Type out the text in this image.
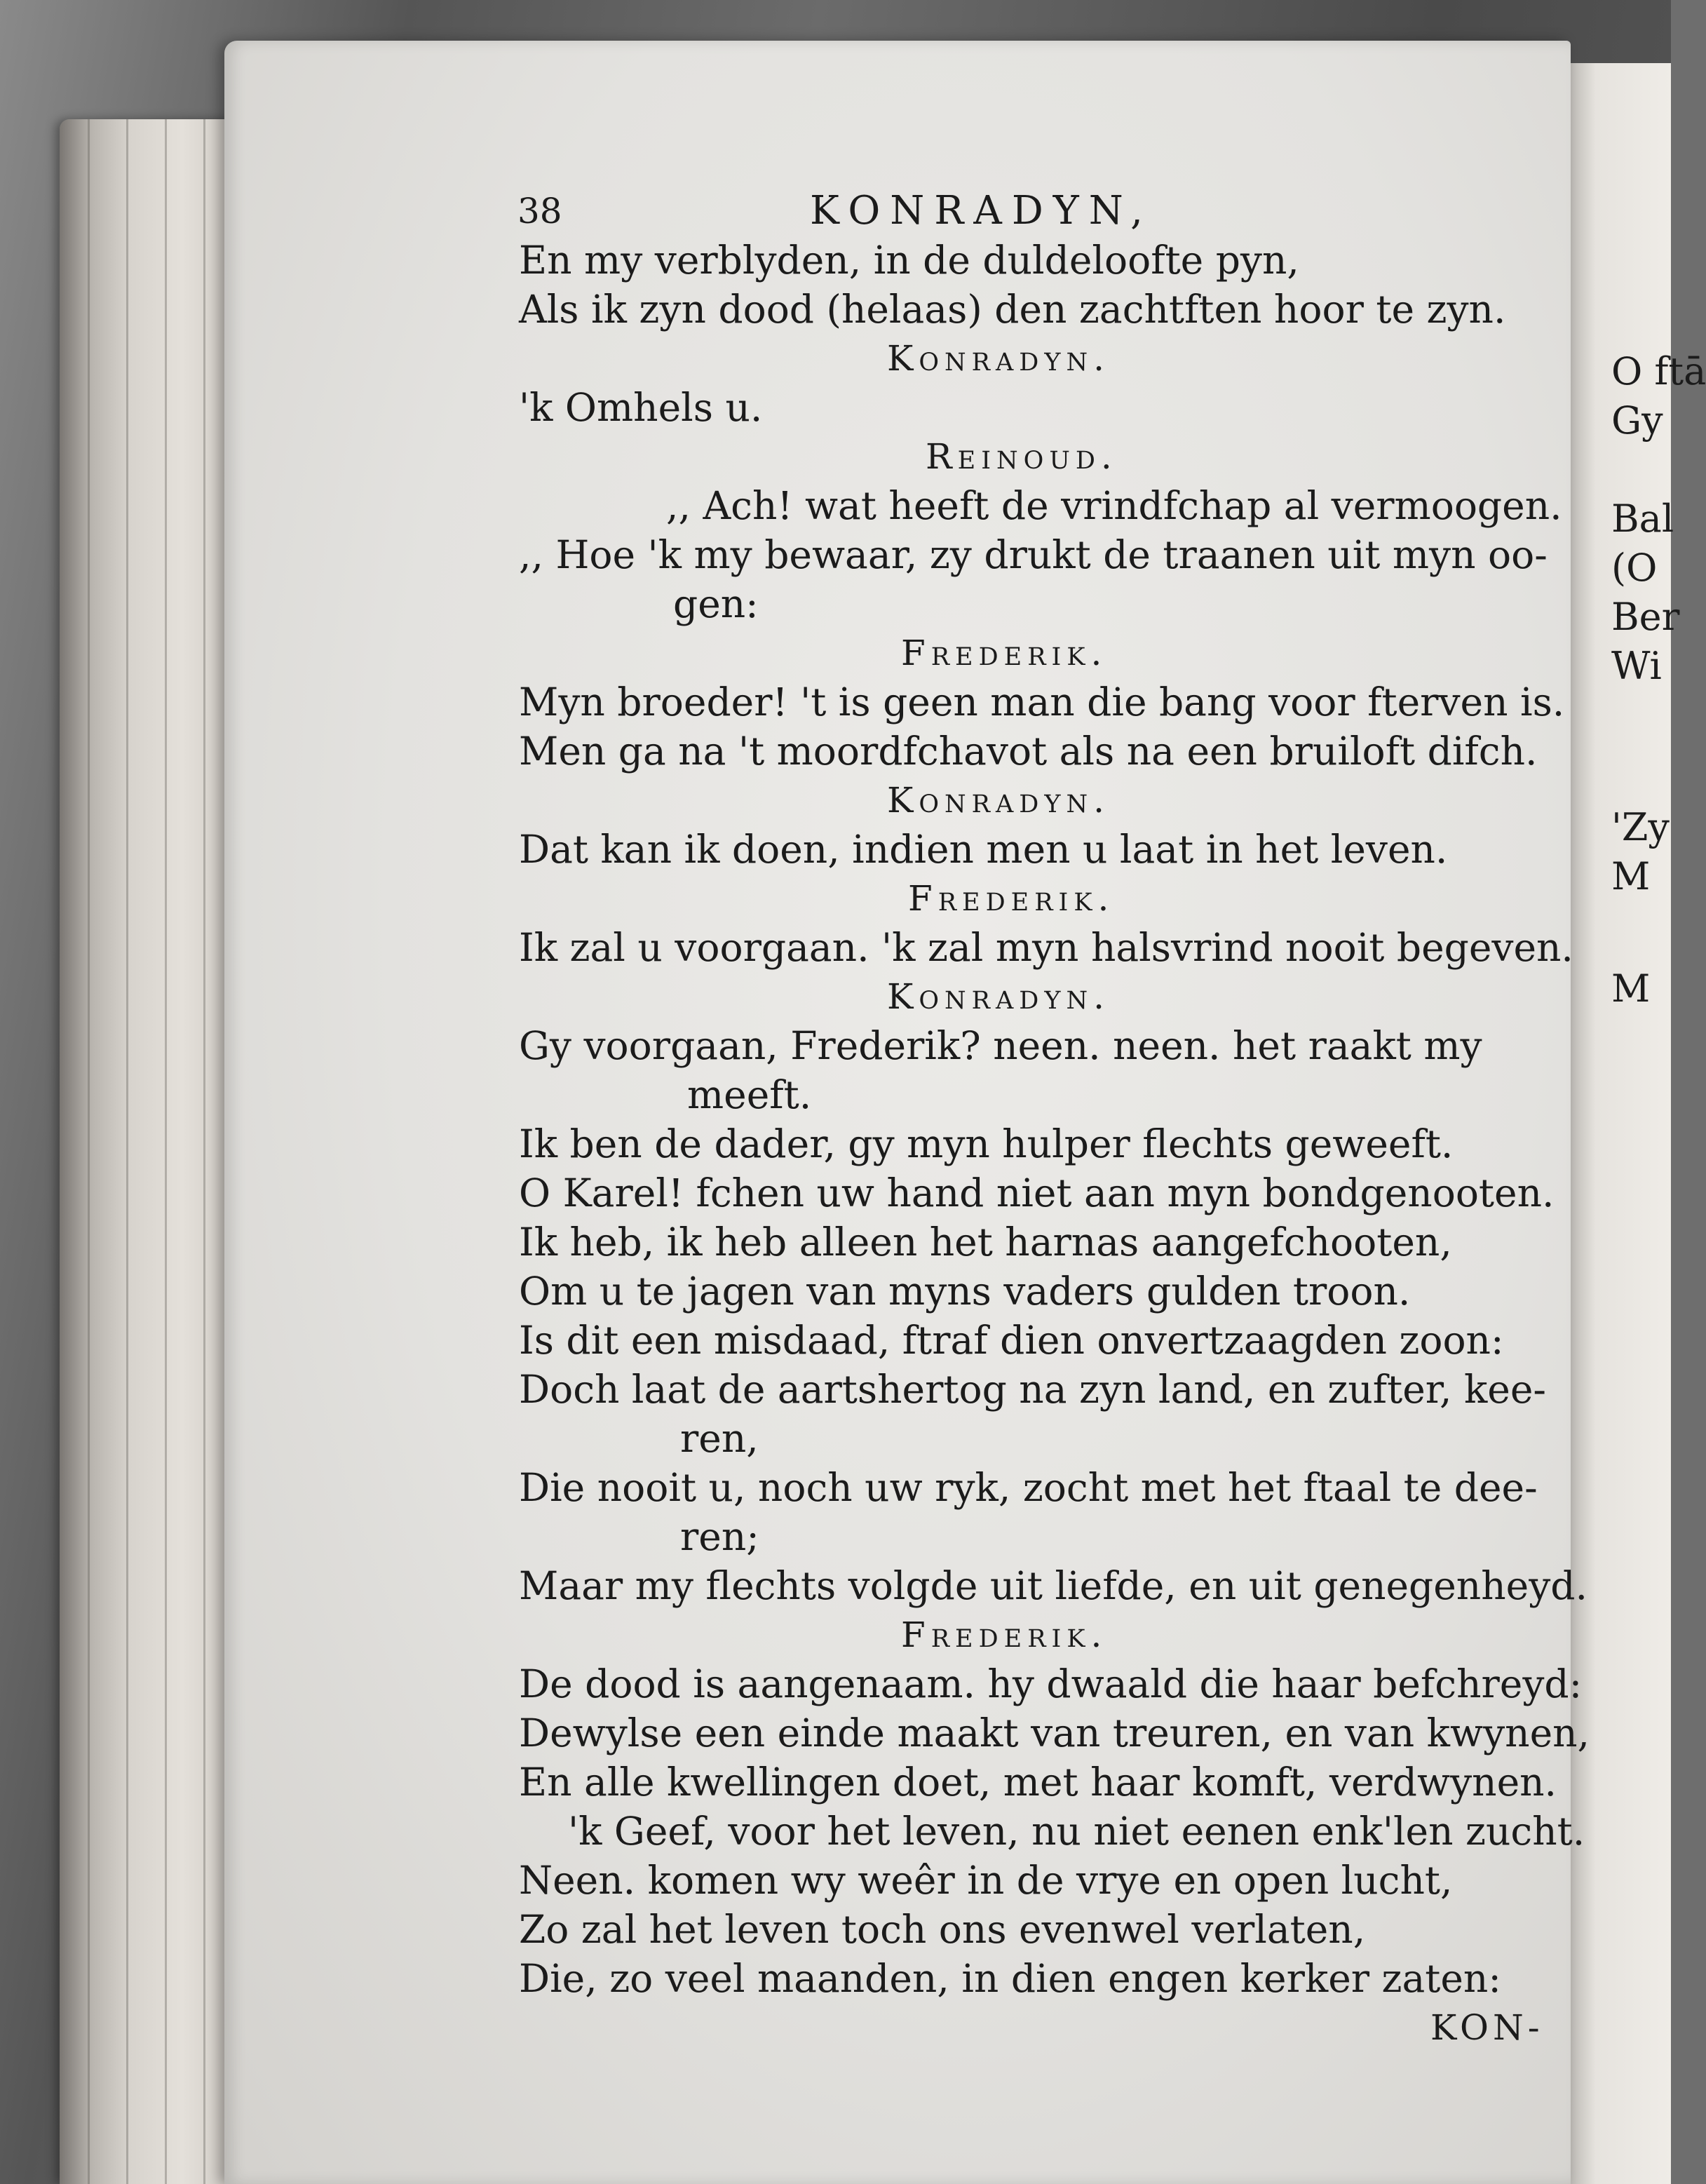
O ftā
Gy
Bal
(O
Ber
Wi
'Zy
M
M
38	KONRADYN,
En my verblyden, in de duldeloofte pyn,
Als ik zyn dood (helaas) den zachtften hoor te zyn.
Konradyn.
'k Omhels u.
Reinoud.
,, Ach! wat heeft de vrindfchap al vermoogen.
,, Hoe 'k my bewaar, zy drukt de traanen uit myn oo-
gen:
Frederik.
Myn broeder! 't is geen man die bang voor fterven is.
Men ga na 't moordfchavot als na een bruiloft difch.
Konradyn.
Dat kan ik doen, indien men u laat in het leven.
Frederik.
Ik zal u voorgaan. 'k zal myn halsvrind nooit begeven.
Konradyn.
Gy voorgaan, Frederik? neen. neen. het raakt my
meeft.
Ik ben de dader, gy myn hulper flechts geweeft.
O Karel! fchen uw hand niet aan myn bondgenooten.
Ik heb, ik heb alleen het harnas aangefchooten,
Om u te jagen van myns vaders gulden troon.
Is dit een misdaad, ftraf dien onvertzaagden zoon:
Doch laat de aartshertog na zyn land, en zufter, kee-
ren,
Die nooit u, noch uw ryk, zocht met het ftaal te dee-
ren;
Maar my flechts volgde uit liefde, en uit genegenheyd.
Frederik.
De dood is aangenaam. hy dwaald die haar befchreyd:
Dewylse een einde maakt van treuren, en van kwynen,
En alle kwellingen doet, met haar komft, verdwynen.
'k Geef, voor het leven, nu niet eenen enk'len zucht.
Neen. komen wy weêr in de vrye en open lucht,
Zo zal het leven toch ons evenwel verlaten,
Die, zo veel maanden, in dien engen kerker zaten:
KON-
